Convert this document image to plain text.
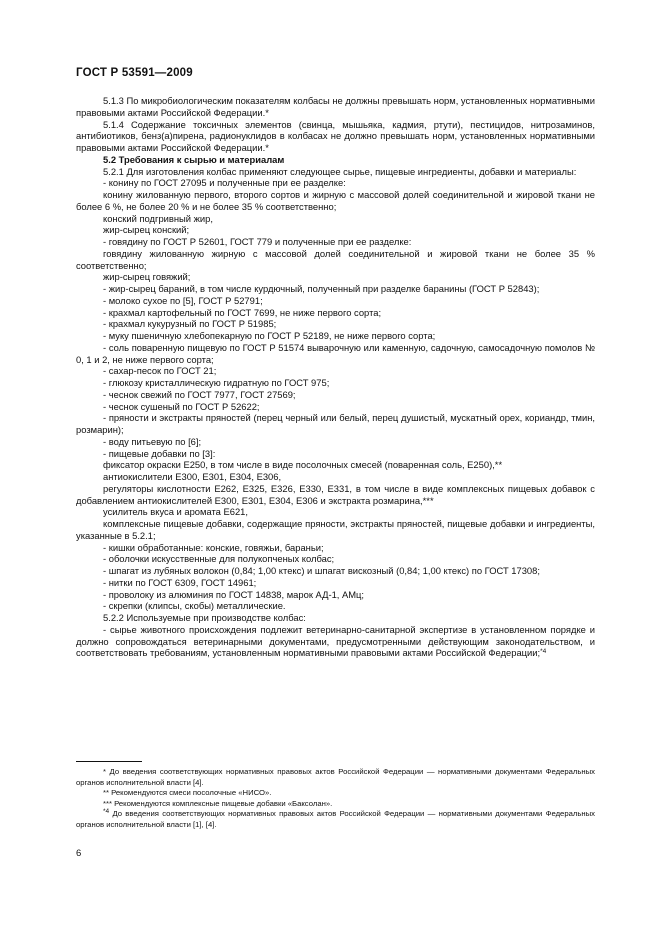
ГОСТ Р 53591—2009

5.1.3 По микробиологическим показателям колбасы не должны превышать норм, установленных нормативными правовыми актами Российской Федерации.*

5.1.4 Содержание токсичных элементов (свинца, мышьяка, кадмия, ртути), пестицидов, нитрозаминов, антибиотиков, бенз(а)пирена, радионуклидов в колбасах не должно превышать норм, установленных нормативными правовыми актами Российской Федерации.*

5.2 Требования к сырью и материалам

5.2.1 Для изготовления колбас применяют следующее сырье, пищевые ингредиенты, добавки и материалы:

- конину по ГОСТ 27095 и полученные при ее разделке:

конину жилованную первого, второго сортов и жирную с массовой долей соединительной и жировой ткани не более 6 %, не более 20 % и не более 35 % соответственно;

конский подгривный жир,

жир-сырец конский;

- говядину по ГОСТ Р 52601, ГОСТ 779 и полученные при ее разделке:

говядину жилованную жирную с массовой долей соединительной и жировой ткани не более 35 % соответственно;

жир-сырец говяжий;

- жир-сырец бараний, в том числе курдючный, полученный при разделке баранины (ГОСТ Р 52843);

- молоко сухое по [5], ГОСТ Р 52791;

- крахмал картофельный по ГОСТ 7699, не ниже первого сорта;

- крахмал кукурузный по ГОСТ Р 51985;

- муку пшеничную хлебопекарную по ГОСТ Р 52189, не ниже первого сорта;

- соль поваренную пищевую по ГОСТ Р 51574 выварочную или каменную, садочную, самосадочную помолов № 0, 1 и 2, не ниже первого сорта;

- сахар-песок по ГОСТ 21;

- глюкозу кристаллическую гидратную по ГОСТ 975;

- чеснок свежий по ГОСТ 7977, ГОСТ 27569;

- чеснок сушеный по ГОСТ Р 52622;

- пряности и экстракты пряностей (перец черный или белый, перец душистый, мускатный орех, кориандр, тмин, розмарин);

- воду питьевую по [6];

- пищевые добавки по [3]:

фиксатор окраски Е250, в том числе в виде посолочных смесей (поваренная соль, Е250),**

антиокислители Е300, Е301, Е304, Е306,

регуляторы кислотности Е262, Е325, Е326, Е330, Е331, в том числе в виде комплексных пищевых добавок с добавлением антиокислителей Е300, Е301, Е304, Е306 и экстракта розмарина,***

усилитель вкуса и аромата Е621,

комплексные пищевые добавки, содержащие пряности, экстракты пряностей, пищевые добавки и ингредиенты, указанные в 5.2.1;

- кишки обработанные: конские, говяжьи, бараньи;

- оболочки искусственные для полукопченых колбас;

- шпагат из лубяных волокон (0,84; 1,00 ктекс) и шпагат вискозный (0,84; 1,00 ктекс) по ГОСТ 17308;

- нитки по ГОСТ 6309, ГОСТ 14961;

- проволоку из алюминия по ГОСТ 14838, марок АД-1, АМц;

- скрепки (клипсы, скобы) металлические.

5.2.2 Используемые при производстве колбас:

- сырье животного происхождения подлежит ветеринарно-санитарной экспертизе в установленном порядке и должно сопровождаться ветеринарными документами, предусмотренными действующим законодательством, и соответствовать требованиям, установленным нормативными правовыми актами Российской Федерации;$^{*4}$

* До введения соответствующих нормативных правовых актов Российской Федерации — нормативными документами Федеральных органов исполнительной власти [4].

** Рекомендуются смеси посолочные «НИСО».

*** Рекомендуются комплексные пищевые добавки «Баксолан».

$^{*4}$ До введения соответствующих нормативных правовых актов Российской Федерации — нормативными документами Федеральных органов исполнительной власти [1], [4].

6
